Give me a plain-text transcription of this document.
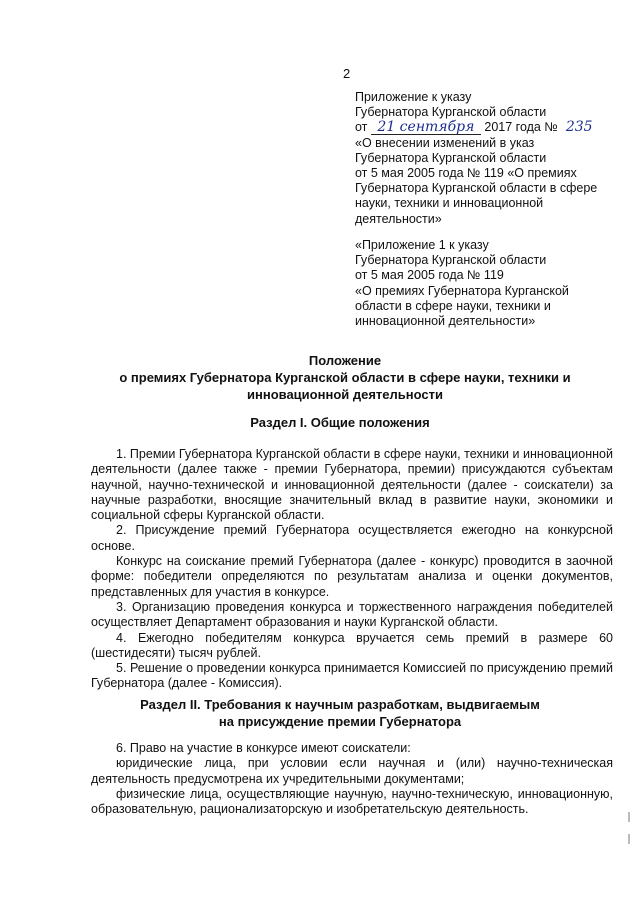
2
Приложение к указу
Губернатора Курганской области
от 21 сентября 2017 года № 235
«О внесении изменений в указ
Губернатора Курганской области
от 5 мая 2005 года № 119 «О премиях
Губернатора Курганской области в сфере
науки, техники и инновационной
деятельности»
«Приложение 1 к указу
Губернатора Курганской области
от 5 мая 2005 года № 119
«О премиях Губернатора Курганской
области в сфере науки, техники и
инновационной деятельности»
Положение
о премиях Губернатора Курганской области в сфере науки, техники и
инновационной деятельности
Раздел I. Общие положения

1. Премии Губернатора Курганской области в сфере науки, техники и инновационной деятельности (далее также - премии Губернатора, премии) присуждаются субъектам научной, научно-технической и инновационной деятельности (далее - соискатели) за научные разработки, вносящие значительный вклад в развитие науки, экономики и социальной сферы Курганской области.

2. Присуждение премий Губернатора осуществляется ежегодно на конкурсной основе.

Конкурс на соискание премий Губернатора (далее - конкурс) проводится в заочной форме: победители определяются по результатам анализа и оценки документов, представленных для участия в конкурсе.

3. Организацию проведения конкурса и торжественного награждения победителей осуществляет Департамент образования и науки Курганской области.

4. Ежегодно победителям конкурса вручается семь премий в размере 60 (шестидесяти) тысяч рублей.

5. Решение о проведении конкурса принимается Комиссией по присуждению премий Губернатора (далее - Комиссия).

Раздел II. Требования к научным разработкам, выдвигаемым
на присуждение премии Губернатора

6. Право на участие в конкурсе имеют соискатели:

юридические лица, при условии если научная и (или) научно-техническая деятельность предусмотрена их учредительными документами;

физические лица, осуществляющие научную, научно-техническую, инновационную, образовательную, рационализаторскую и изобретательскую деятельность.
